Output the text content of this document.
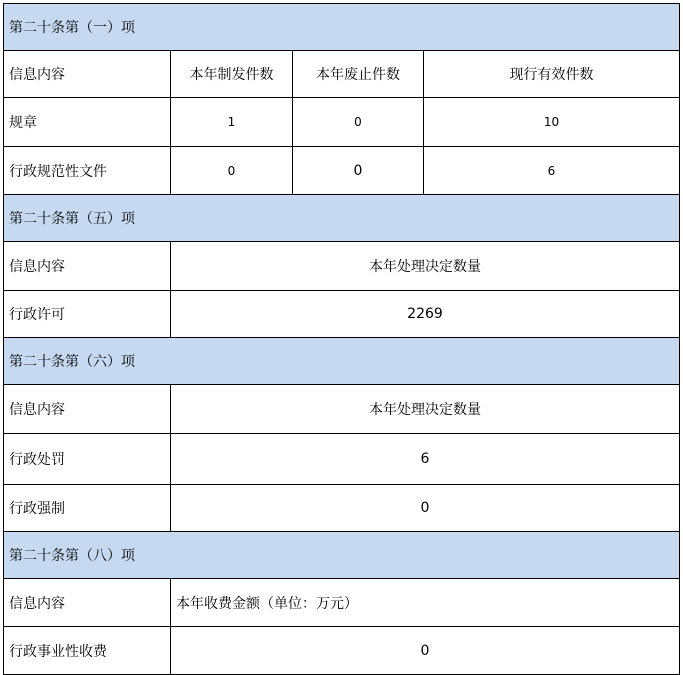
第二十条第（一）项			
信息内容	本年制发件数	本年废止件数	现行有效件数
规章	1	0	10
行政规范性文件	0	0	6
第二十条第（五）项			
信息内容	本年处理决定数量		
行政许可	2269		
第二十条第（六）项			
信息内容	本年处理决定数量		
行政处罚	6		
行政强制	0		
第二十条第（八）项			
信息内容	本年收费金额（单位：万元）		
行政事业性收费	0		
